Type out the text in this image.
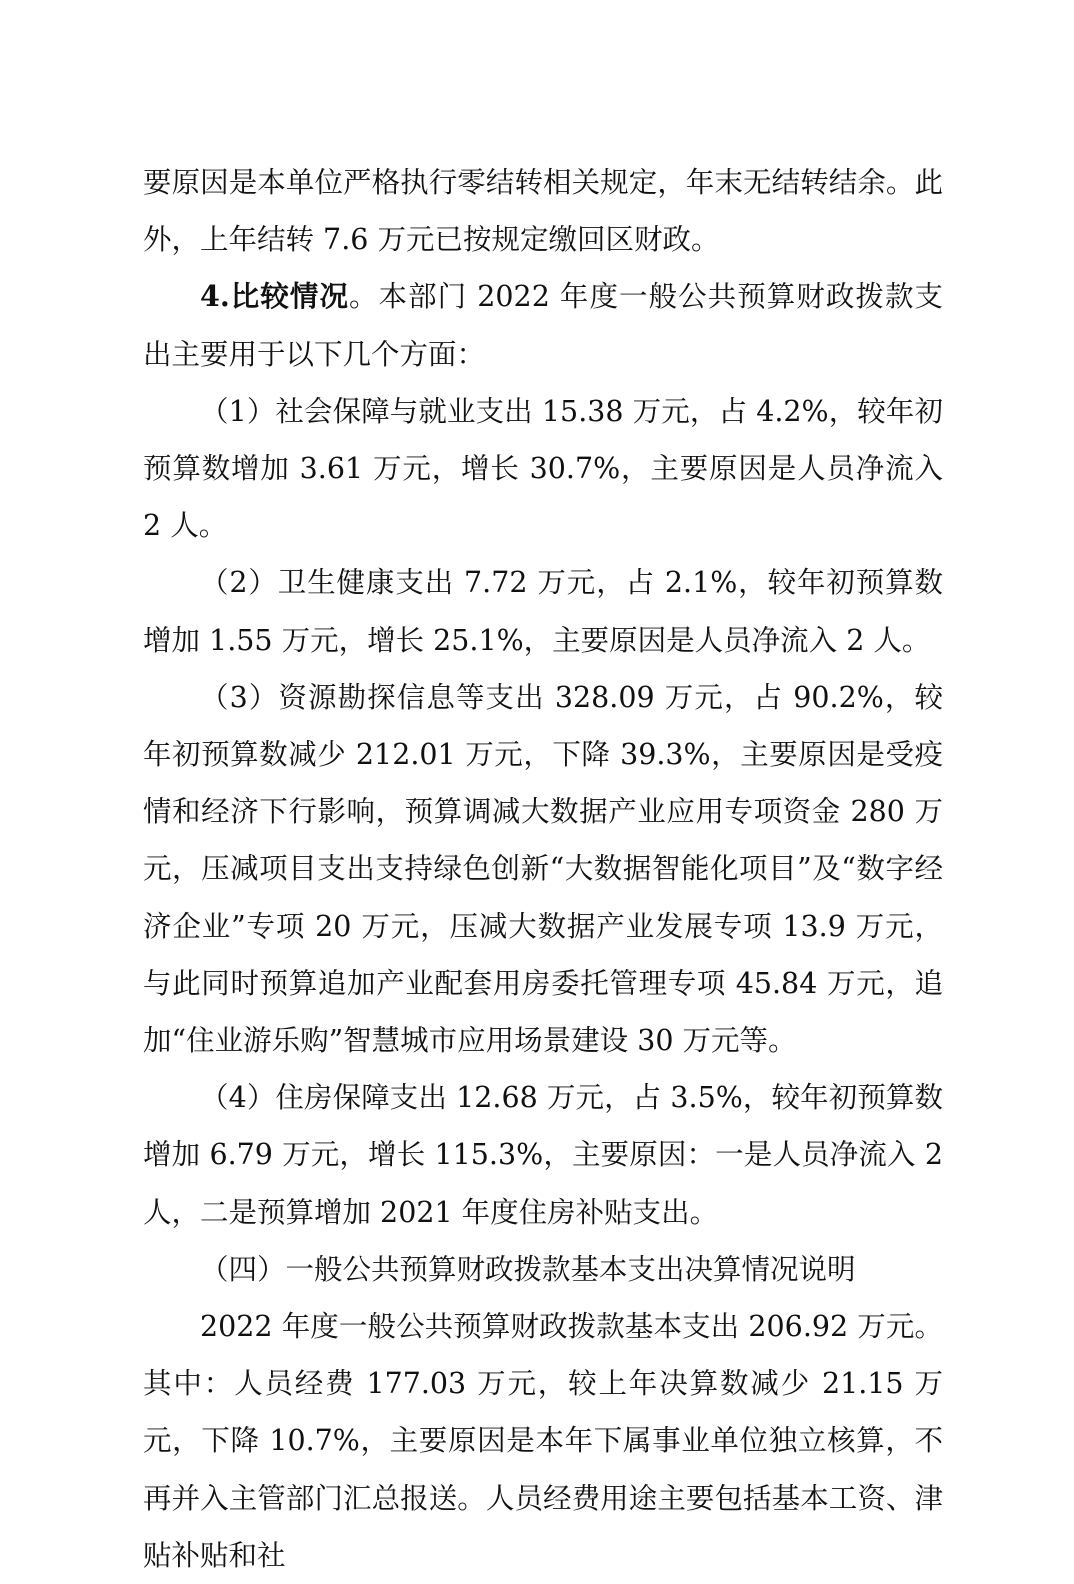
要原因是本单位严格执行零结转相关规定，年末无结转结余。此外，上年结转 7.6 万元已按规定缴回区财政。

4.比较情况。本部门 2022 年度一般公共预算财政拨款支出主要用于以下几个方面：

（1）社会保障与就业支出 15.38 万元，占 4.2%，较年初预算数增加 3.61 万元，增长 30.7%，主要原因是人员净流入 2 人。

（2）卫生健康支出 7.72 万元，占 2.1%，较年初预算数增加 1.55 万元，增长 25.1%，主要原因是人员净流入 2 人。

（3）资源勘探信息等支出 328.09 万元，占 90.2%，较年初预算数减少 212.01 万元，下降 39.3%，主要原因是受疫情和经济下行影响，预算调减大数据产业应用专项资金 280 万元，压减项目支出支持绿色创新“大数据智能化项目”及“数字经济企业”专项 20 万元，压减大数据产业发展专项 13.9 万元，与此同时预算追加产业配套用房委托管理专项 45.84 万元，追加“住业游乐购”智慧城市应用场景建设 30 万元等。

（4）住房保障支出 12.68 万元，占 3.5%，较年初预算数增加 6.79 万元，增长 115.3%，主要原因：一是人员净流入 2 人，二是预算增加 2021 年度住房补贴支出。

（四）一般公共预算财政拨款基本支出决算情况说明

2022 年度一般公共预算财政拨款基本支出 206.92 万元。其中：人员经费 177.03 万元，较上年决算数减少 21.15 万元，下降 10.7%，主要原因是本年下属事业单位独立核算，不再并入主管部门汇总报送。人员经费用途主要包括基本工资、津贴补贴和社
